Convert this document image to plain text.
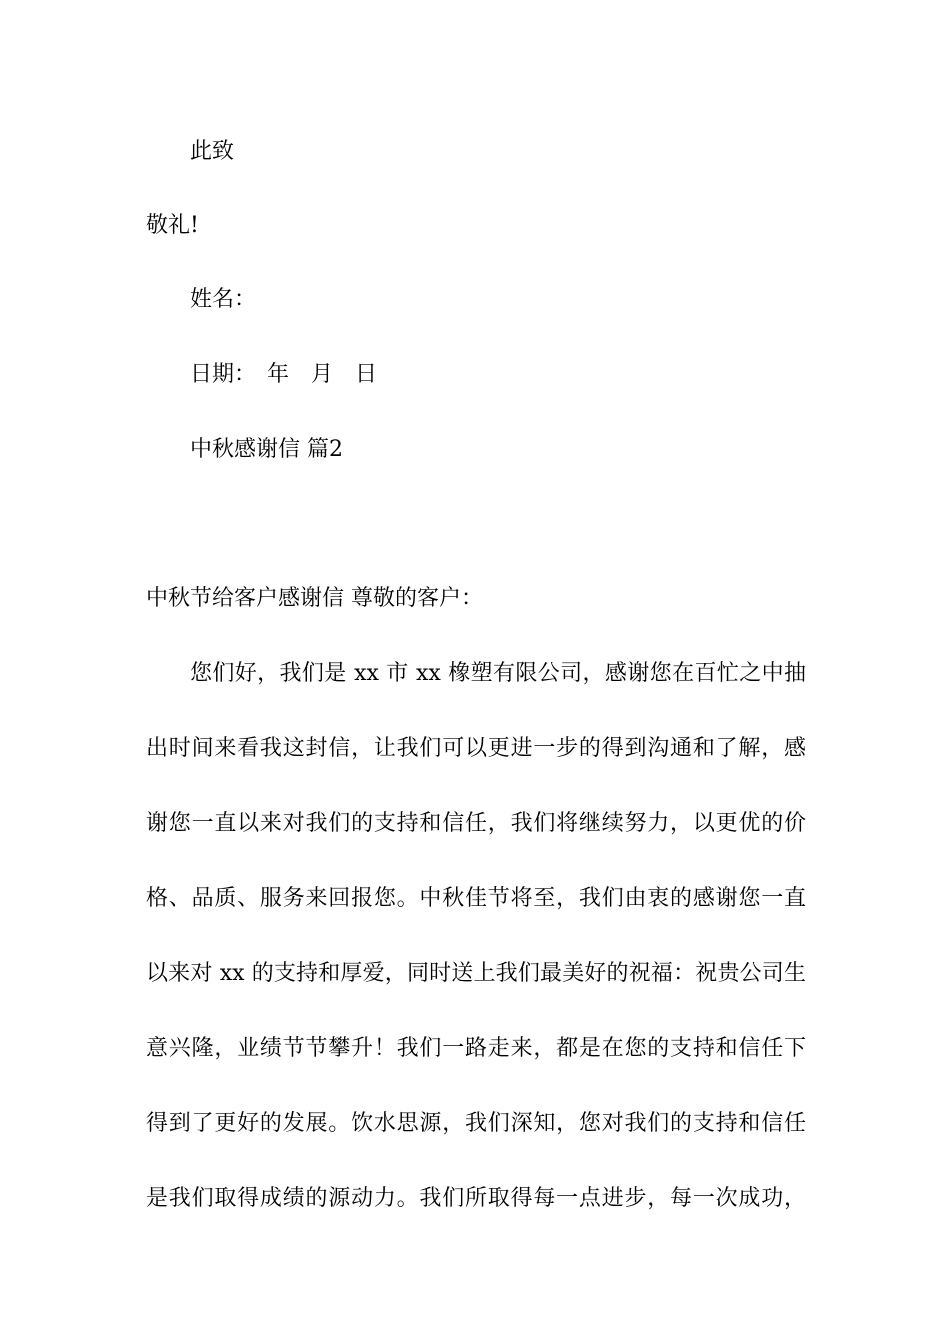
此致
敬礼!
姓名：
日期：　年　月　日
中秋感谢信 篇2
中秋节给客户感谢信 尊敬的客户：
您们好，我们是 xx 市 xx 橡塑有限公司，感谢您在百忙之中抽
出时间来看我这封信，让我们可以更进一步的得到沟通和了解，感
谢您一直以来对我们的支持和信任，我们将继续努力，以更优的价
格、品质、服务来回报您。中秋佳节将至，我们由衷的感谢您一直
以来对 xx 的支持和厚爱，同时送上我们最美好的祝福：祝贵公司生
意兴隆，业绩节节攀升！我们一路走来，都是在您的支持和信任下
得到了更好的发展。饮水思源，我们深知，您对我们的支持和信任
是我们取得成绩的源动力。我们所取得每一点进步，每一次成功，
